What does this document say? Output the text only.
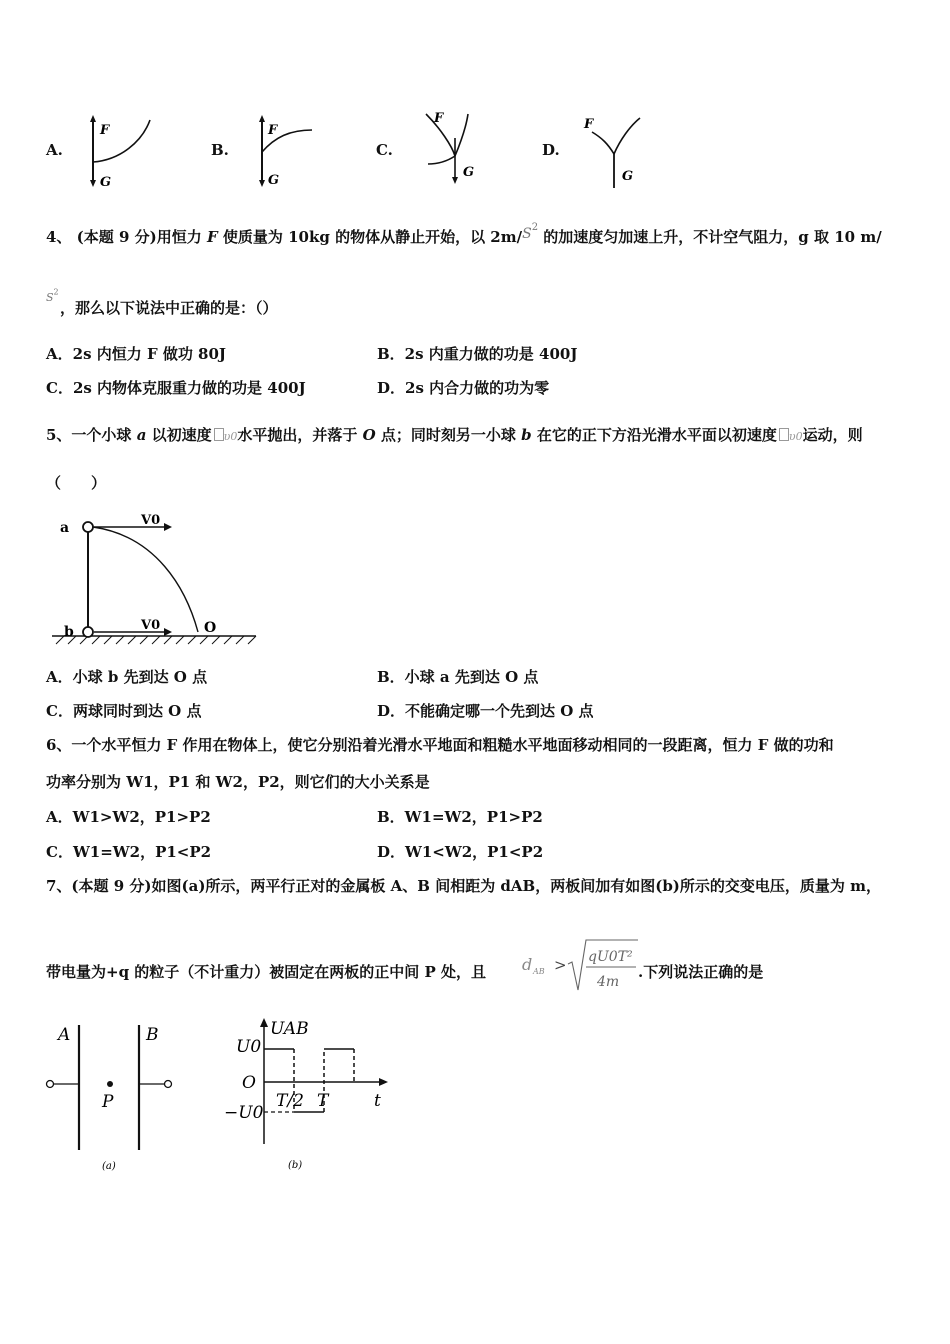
A.
F
G
B.
F
G
C.
F
G
D.
F
G
4、 (本题 9 分)用恒力 F 使质量为 10kg 的物体从静止开始，以 $2m/S^2$ 的加速度匀加速上升，不计空气阻力，g 取 10 m/
$S^2$
，那么以下说法中正确的是：（）
A．2s 内恒力 F 做功 80J	B．2s 内重力做的功是 400J
C．2s 内物体克服重力做的功是 400J	D．2s 内合力做的功为零
5、一个小球 a 以初速度 υ0水平抛出，并落于 O 点；同时刻另一小球 b 在它的正下方沿光滑水平面以初速度 υ0运动，则
（　　）
a	V0
O
b	V0
A．小球 b 先到达 O 点	B．小球 a 先到达 O 点
C．两球同时到达 O 点	D．不能确定哪一个先到达 O 点
6、一个水平恒力 F 作用在物体上，使它分别沿着光滑水平地面和粗糙水平地面移动相同的一段距离，恒力 F 做的功和
功率分别为 W1，P1 和 W2，P2，则它们的大小关系是
A．W1>W2，P1>P2	B．W1=W2，P1>P2
C．W1=W2，P1<P2	D．W1<W2，P1<P2
7、(本题 9 分)如图(a)所示，两平行正对的金属板 A、B 间相距为 dAB，两板间加有如图(b)所示的交变电压，质量为 m，
带电量为+q 的粒子（不计重力）被固定在两板的正中间 P 处，且 d AB > qU0T²
4m
.下列说法正确的是
A	B
P
(a)
UAB
U0
O
−U0
T/2 T	t
(b)
